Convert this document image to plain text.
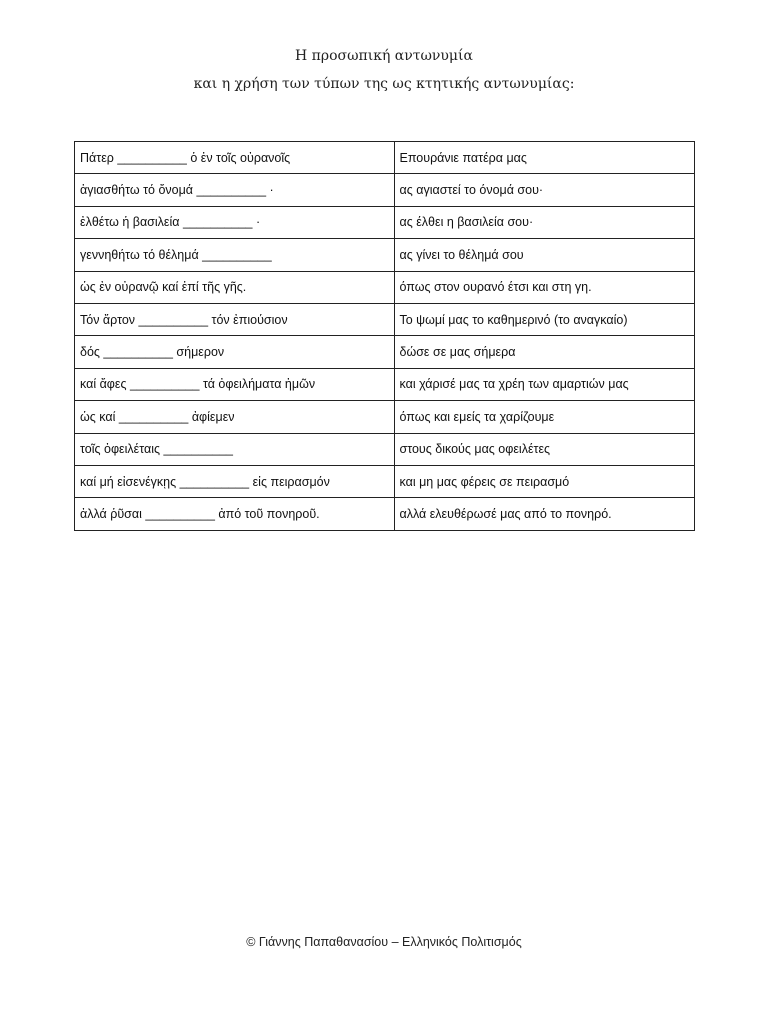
Η προσωπική αντωνυμία
και η χρήση των τύπων της ως κτητικής αντωνυμίας:
Πάτερ __________ ὁ ἐν τοῖς οὐρανοῖς	Επουράνιε πατέρα μας
ἁγιασθήτω τό ὄνομά __________ ·	ας αγιαστεί το όνομά σου·
ἐλθέτω ἡ βασιλεία __________ ·	ας έλθει η βασιλεία σου·
γεννηθήτω τό θέλημά __________	ας γίνει το θέλημά σου
ὡς ἐν οὐρανῷ καί ἐπί τῆς γῆς.	όπως στον ουρανό έτσι και στη γη.
Τόν ἄρτον __________ τόν ἐπιούσιον	Το ψωμί μας το καθημερινό (το αναγκαίο)
δός __________ σήμερον	δώσε σε μας σήμερα
καί ἄφες __________ τά ὀφειλήματα ἡμῶν	και χάρισέ μας τα χρέη των αμαρτιών μας
ὡς καί __________ ἀφίεμεν	όπως και εμείς τα χαρίζουμε
τοῖς ὀφειλέταις __________	στους δικούς μας οφειλέτες
καί μή εἰσενέγκῃς __________ εἰς πειρασμόν	και μη μας φέρεις σε πειρασμό
ἀλλά ῥῦσαι __________ ἀπό τοῦ πονηροῦ.	αλλά ελευθέρωσέ μας από το πονηρό.
© Γιάννης Παπαθανασίου – Ελληνικός Πολιτισμός
